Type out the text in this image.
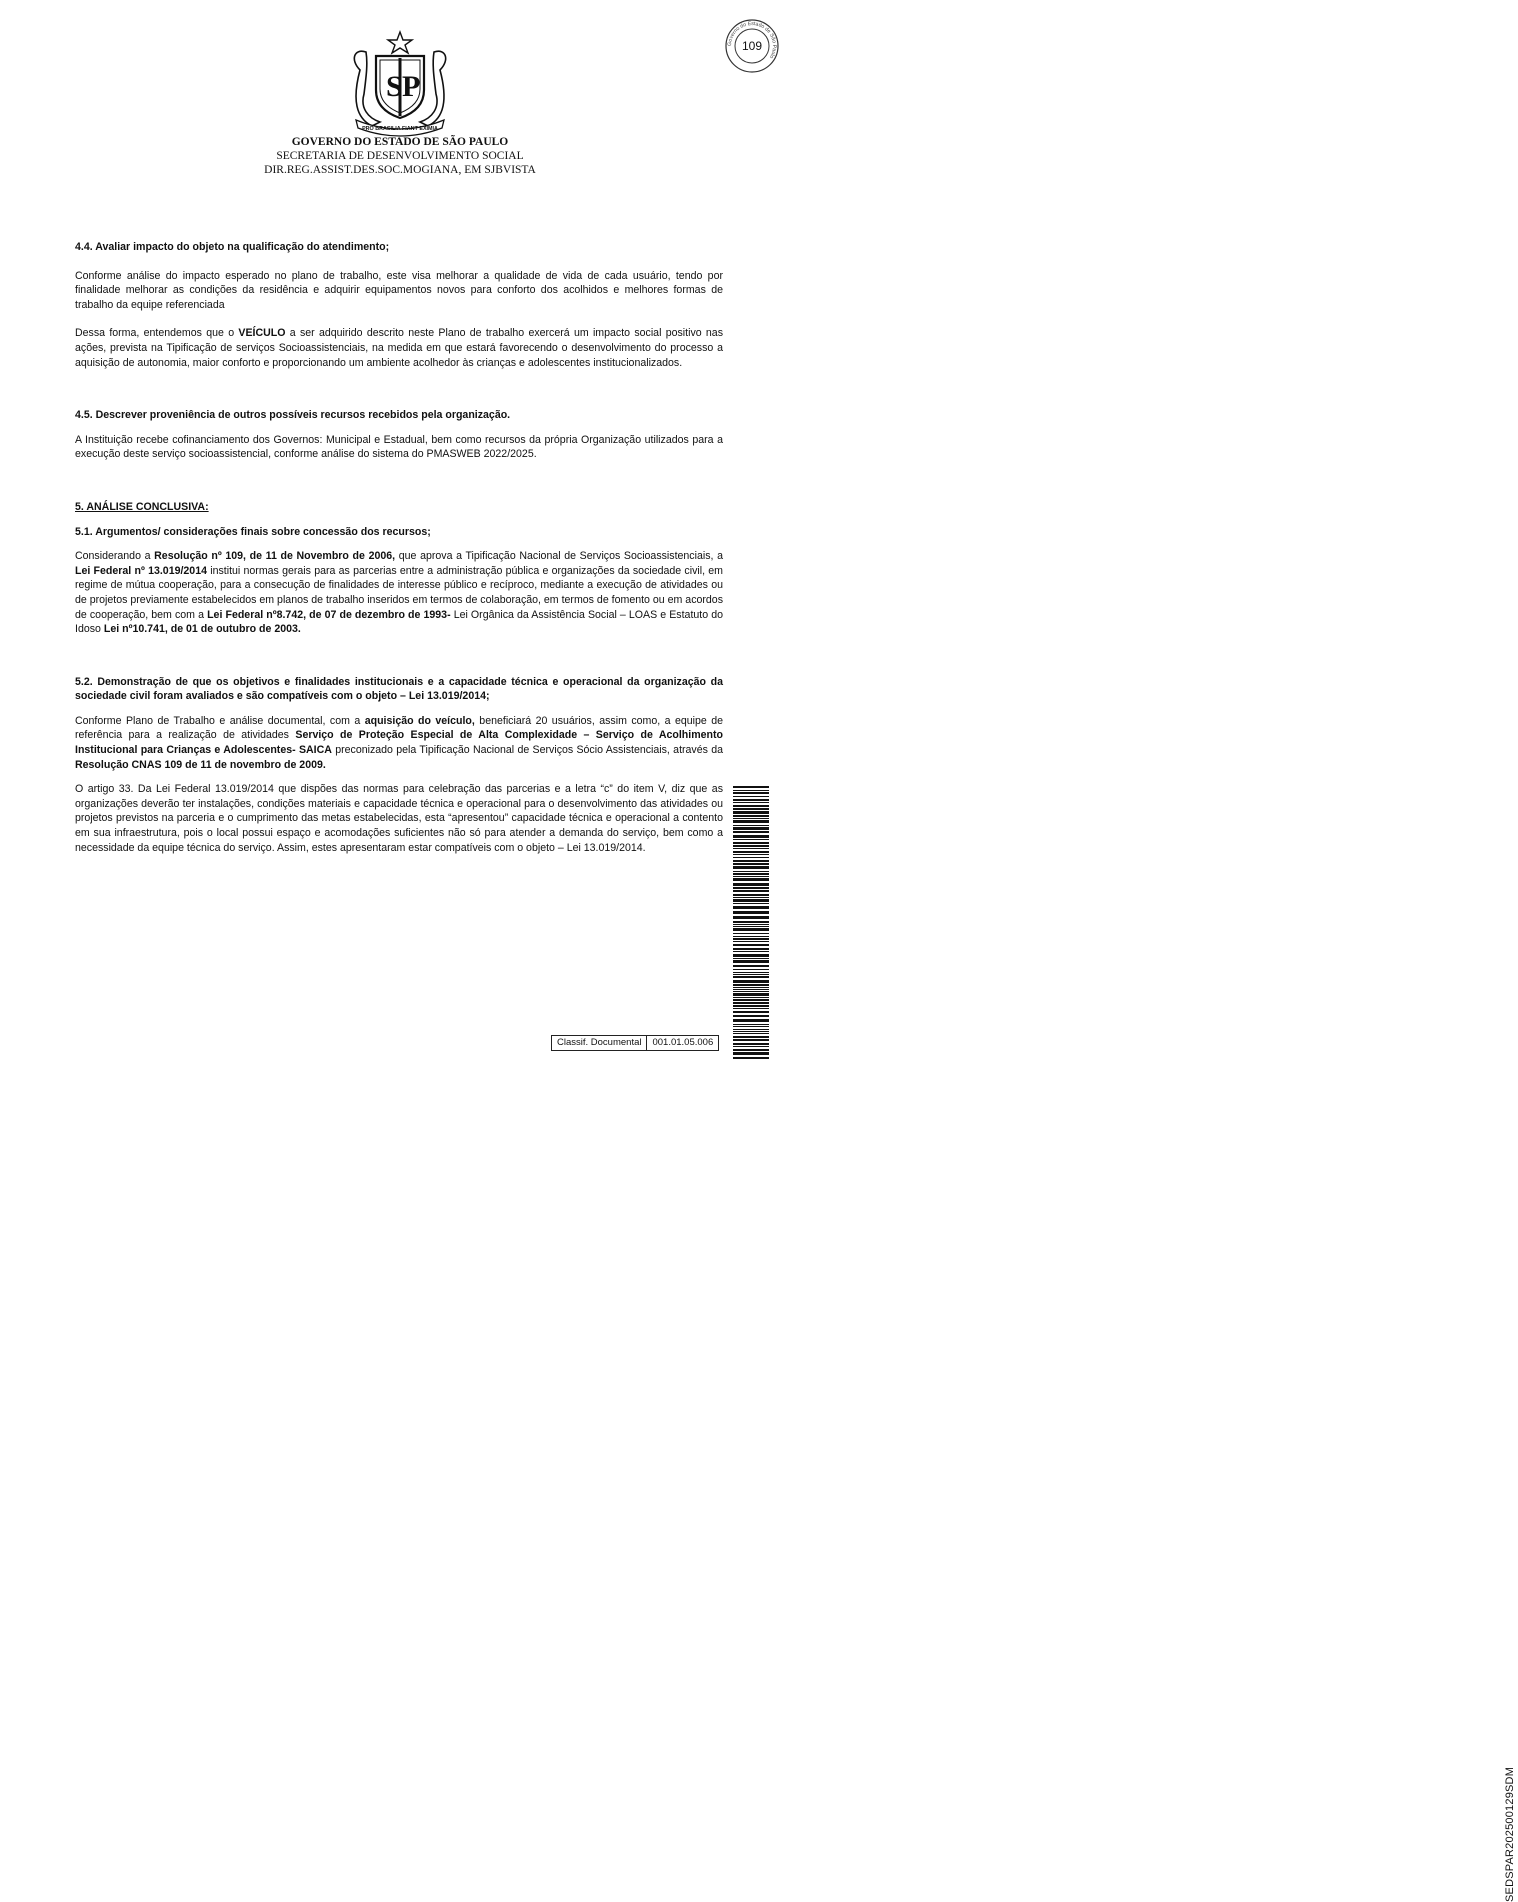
S P
PRO BRASILIA FIANT EXIMIA
Governo do Estado de São Paulo
109
GOVERNO DO ESTADO DE SÃO PAULO
SECRETARIA DE DESENVOLVIMENTO SOCIAL
DIR.REG.ASSIST.DES.SOC.MOGIANA, EM SJBVISTA

4.4. Avaliar impacto do objeto na qualificação do atendimento;

Conforme análise do impacto esperado no plano de trabalho, este visa melhorar a qualidade de vida de cada usuário, tendo por finalidade melhorar as condições da residência e adquirir equipamentos novos para conforto dos acolhidos e melhores formas de trabalho da equipe referenciada

Dessa forma, entendemos que o VEÍCULO a ser adquirido descrito neste Plano de trabalho exercerá um impacto social positivo nas ações, prevista na Tipificação de serviços Socioassistenciais, na medida em que estará favorecendo o desenvolvimento do processo a aquisição de autonomia, maior conforto e proporcionando um ambiente acolhedor às crianças e adolescentes institucionalizados.

4.5. Descrever proveniência de outros possíveis recursos recebidos pela organização.

A Instituição recebe cofinanciamento dos Governos: Municipal e Estadual, bem como recursos da própria Organização utilizados para a execução deste serviço socioassistencial, conforme análise do sistema do PMASWEB 2022/2025.

5. ANÁLISE CONCLUSIVA:

5.1. Argumentos/ considerações finais sobre concessão dos recursos;

Considerando a Resolução nº 109, de 11 de Novembro de 2006, que aprova a Tipificação Nacional de Serviços Socioassistenciais, a Lei Federal nº 13.019/2014 institui normas gerais para as parcerias entre a administração pública e organizações da sociedade civil, em regime de mútua cooperação, para a consecução de finalidades de interesse público e recíproco, mediante a execução de atividades ou de projetos previamente estabelecidos em planos de trabalho inseridos em termos de colaboração, em termos de fomento ou em acordos de cooperação, bem com a Lei Federal nº8.742, de 07 de dezembro de 1993- Lei Orgânica da Assistência Social – LOAS e Estatuto do Idoso Lei nº10.741, de 01 de outubro de 2003.

5.2. Demonstração de que os objetivos e finalidades institucionais e a capacidade técnica e operacional da organização da sociedade civil foram avaliados e são compatíveis com o objeto – Lei 13.019/2014;

Conforme Plano de Trabalho e análise documental, com a aquisição do veículo, beneficiará 20 usuários, assim como, a equipe de referência para a realização de atividades Serviço de Proteção Especial de Alta Complexidade – Serviço de Acolhimento Institucional para Crianças e Adolescentes- SAICA preconizado pela Tipificação Nacional de Serviços Sócio Assistenciais, através da Resolução CNAS 109 de 11 de novembro de 2009.

O artigo 33. Da Lei Federal 13.019/2014 que dispões das normas para celebração das parcerias e a letra “c” do item V, diz que as organizações deverão ter instalações, condições materiais e capacidade técnica e operacional para o desenvolvimento das atividades ou projetos previstos na parceria e o cumprimento das metas estabelecidas, esta “apresentou” capacidade técnica e operacional a contento em sua infraestrutura, pois o local possui espaço e acomodações suficientes não só para atender a demanda do serviço, bem como a necessidade da equipe técnica do serviço. Assim, estes apresentaram estar compatíveis com o objeto – Lei 13.019/2014.

SEDSPAR202500129SDM
Classif. Documental	001.01.05.006
